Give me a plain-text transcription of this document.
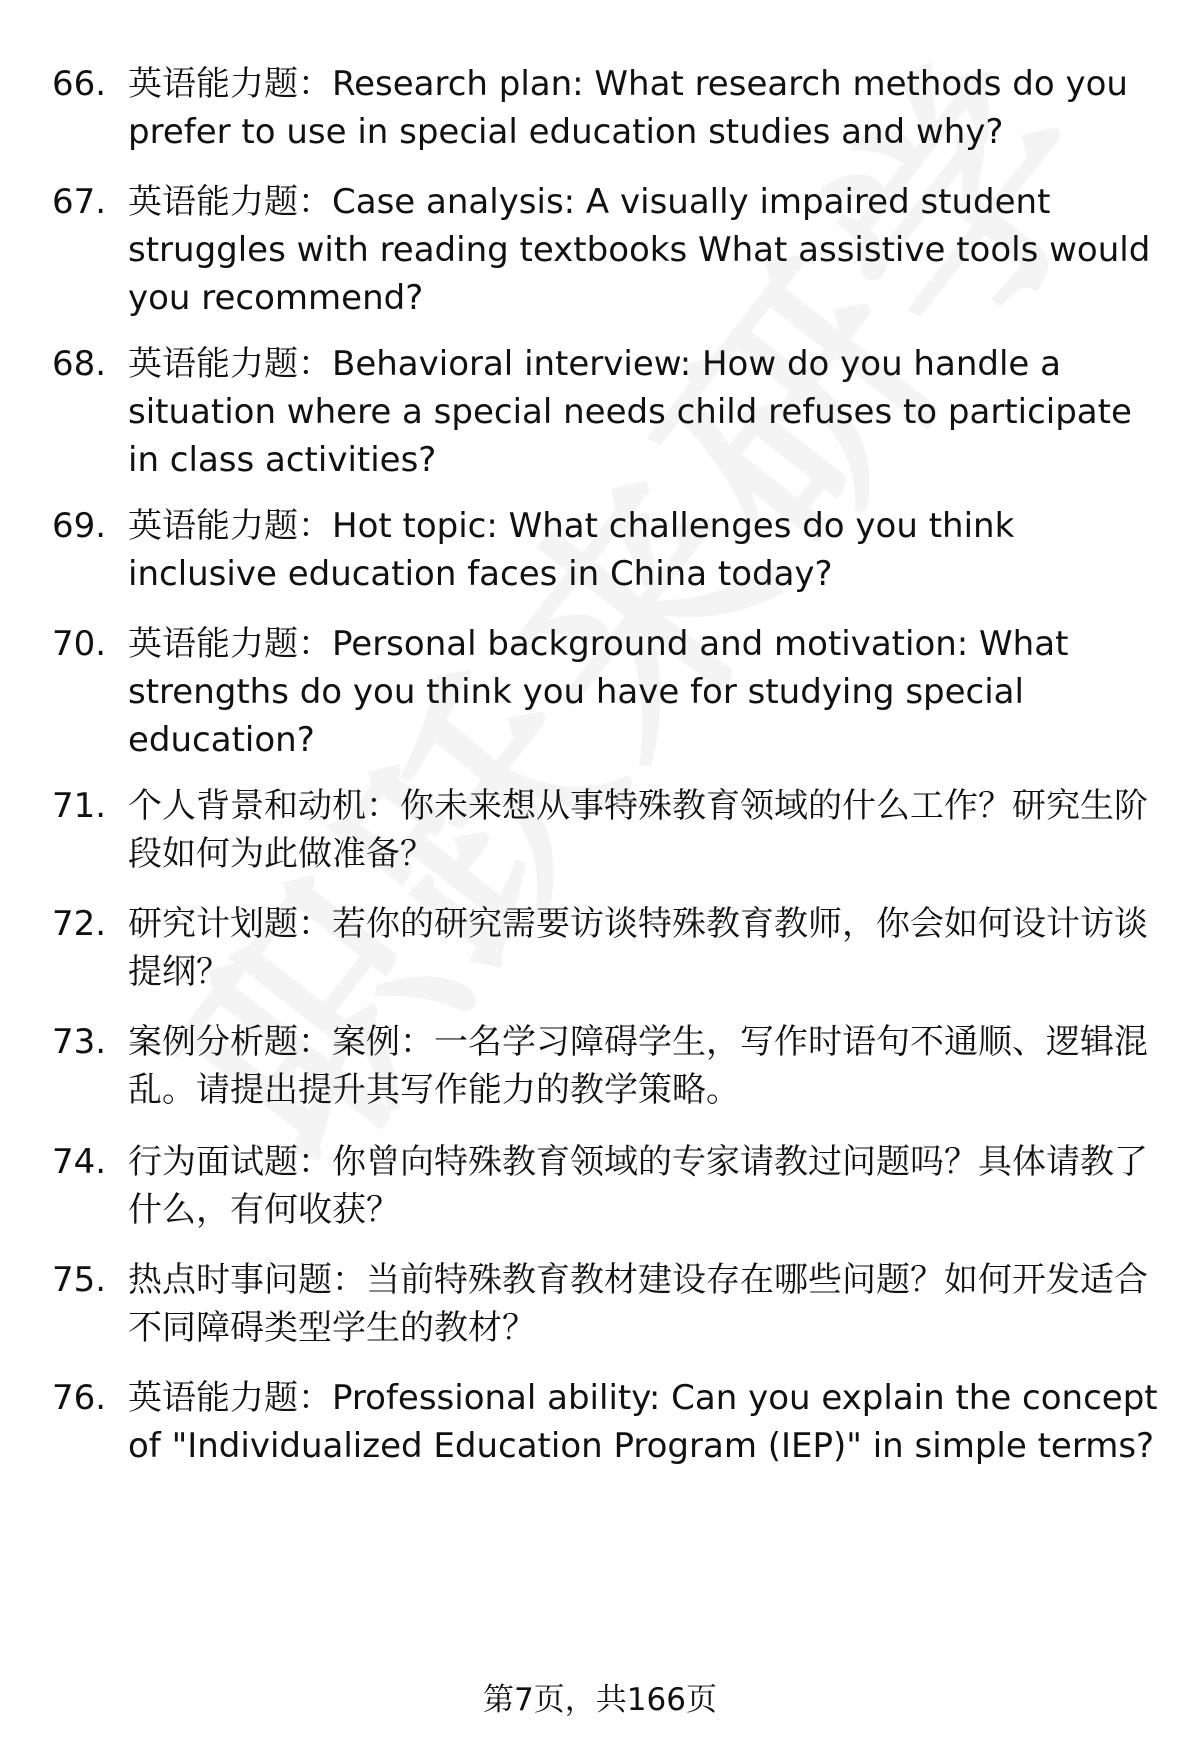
66. 英语能力题：Research plan: What research methods do you prefer to use in special education studies and why?
67. 英语能力题：Case analysis: A visually impaired student struggles with reading textbooks What assistive tools would you recommend?
68. 英语能力题：Behavioral interview: How do you handle a situation where a special needs child refuses to participate in class activities?
69. 英语能力题：Hot topic: What challenges do you think inclusive education faces in China today?
70. 英语能力题：Personal background and motivation: What strengths do you think you have for studying special education?
71. 个人背景和动机：你未来想从事特殊教育领域的什么工作？研究生阶段如何为此做准备？
72. 研究计划题：若你的研究需要访谈特殊教育教师，你会如何设计访谈提纲？
73. 案例分析题：案例：一名学习障碍学生，写作时语句不通顺、逻辑混乱。请提出提升其写作能力的教学策略。
74. 行为面试题：你曾向特殊教育领域的专家请教过问题吗？具体请教了什么，有何收获？
75. 热点时事问题：当前特殊教育教材建设存在哪些问题？如何开发适合不同障碍类型学生的教材？
76. 英语能力题：Professional ability: Can you explain the concept of "Individualized Education Program (IEP)" in simple terms?
第7页，共166页
